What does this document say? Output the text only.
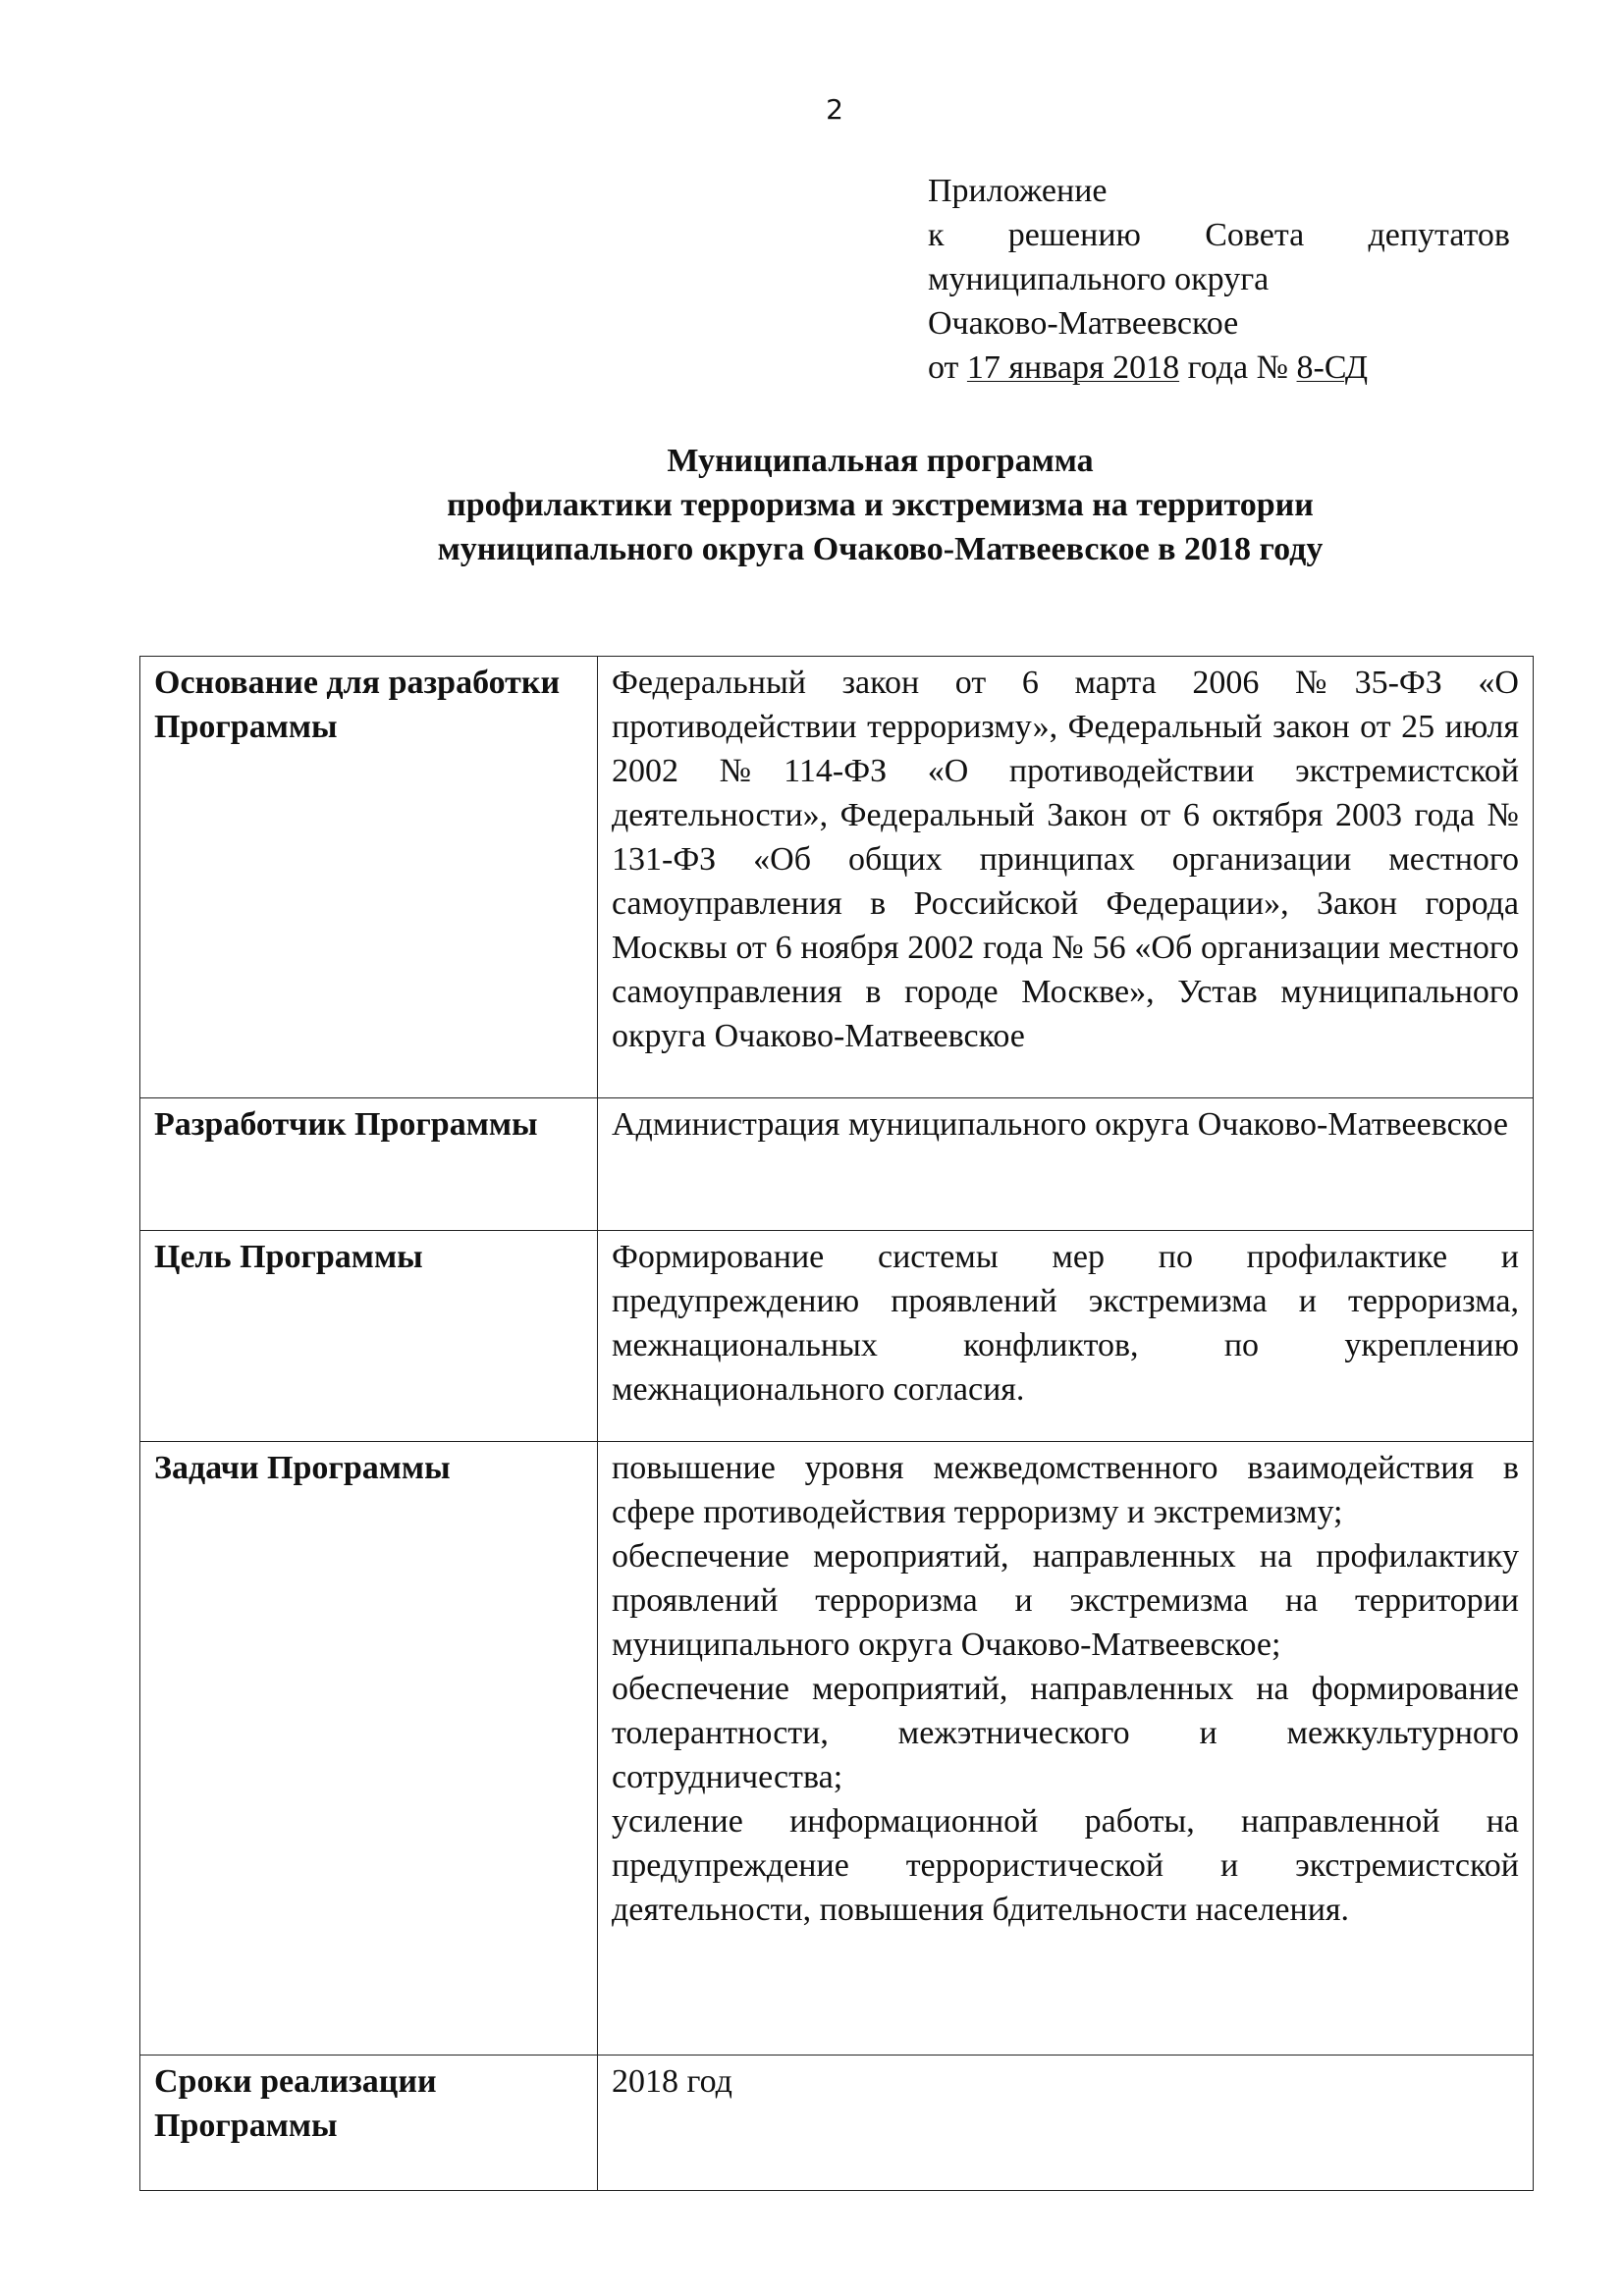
2
Приложение
к решению Совета депутатов
муниципального округа
Очаково-Матвеевское
от 17 января 2018 года № 8-СД
Муниципальная программа
профилактики терроризма и экстремизма на территории
муниципального округа Очаково-Матвеевское в 2018 году
Основание для разработки Программы	Федеральный закон от 6 марта 2006 №35-ФЗ «О противодействии терроризму», Федеральный закон от 25 июля 2002 №114-ФЗ «О противодействии экстремистской деятельности», Федеральный Закон от 6 октября 2003 года № 131-ФЗ «Об общих принципах организации местного самоуправления в Российской Федерации», Закон города Москвы от 6 ноября 2002 года № 56 «Об организации местного самоуправления в городе Москве», Устав муниципального округа Очаково-Матвеевское
Разработчик Программы	Администрация муниципального округа Очаково-Матвеевское
Цель Программы	Формирование системы мер по профилактике и предупреждению проявлений экстремизма и терроризма, межнациональных конфликтов, по укреплению межнационального согласия.
Задачи Программы	повышение уровня межведомственного взаимодействия в сфере противодействия терроризму и экстремизму;
обеспечение мероприятий, направленных на профилактику проявлений терроризма и экстремизма на территории муниципального округа Очаково-Матвеевское;
обеспечение мероприятий, направленных на формирование толерантности, межэтнического и межкультурного сотрудничества;
усиление информационной работы, направленной на предупреждение террористической и экстремистской деятельности, повышения бдительности населения.

Сроки реализации Программы	2018 год
